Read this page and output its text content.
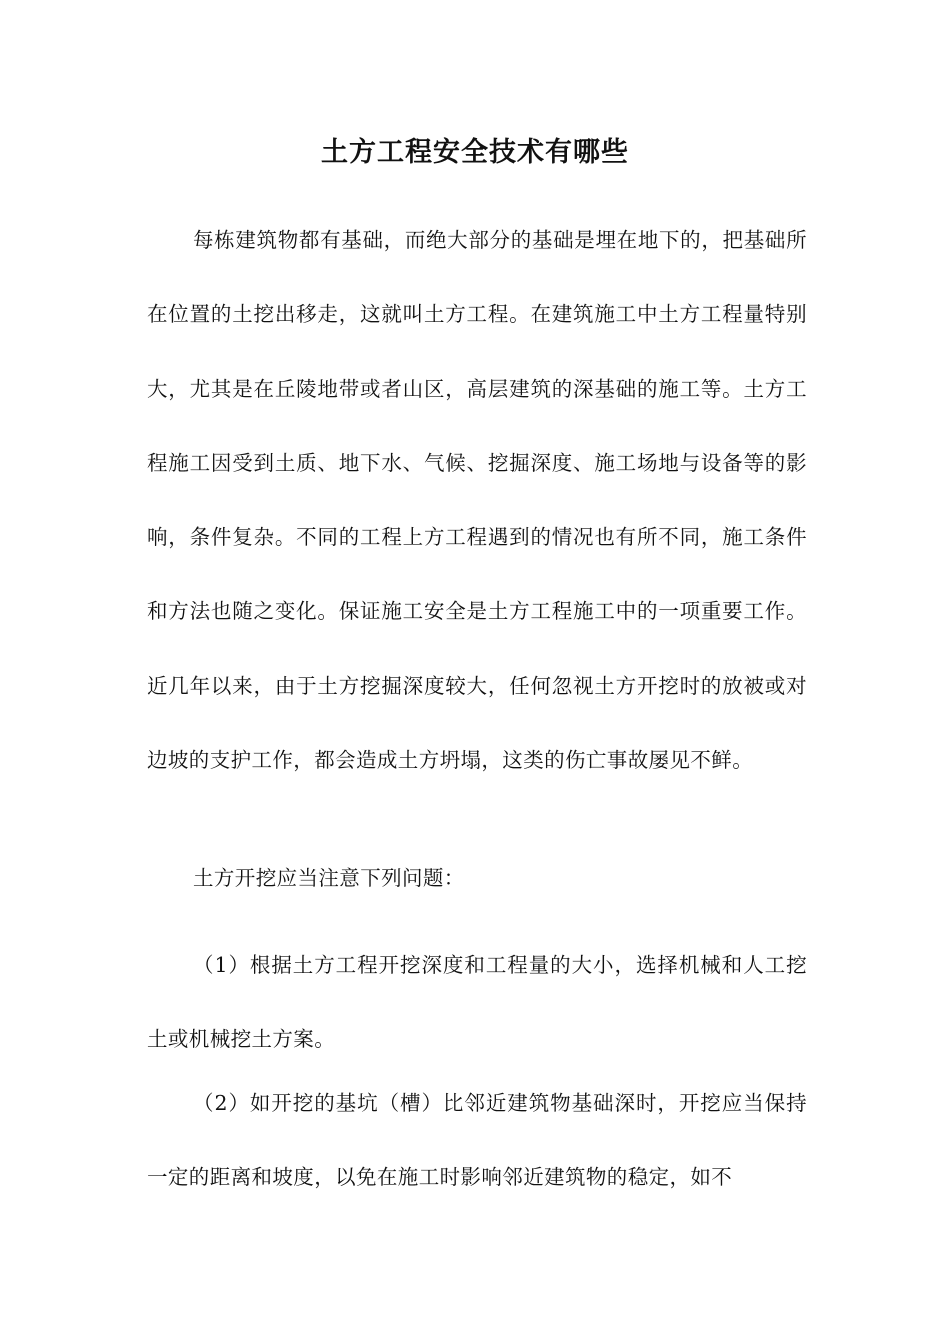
土方工程安全技术有哪些

每栋建筑物都有基础，而绝大部分的基础是埋在地下的，把基础所在位置的土挖出移走，这就叫土方工程。在建筑施工中土方工程量特别大，尤其是在丘陵地带或者山区，高层建筑的深基础的施工等。土方工程施工因受到土质、地下水、气候、挖掘深度、施工场地与设备等的影响，条件复杂。不同的工程上方工程遇到的情况也有所不同，施工条件和方法也随之变化。保证施工安全是土方工程施工中的一项重要工作。近几年以来，由于土方挖掘深度较大，任何忽视土方开挖时的放被或对边坡的支护工作，都会造成土方坍塌，这类的伤亡事故屡见不鲜。

土方开挖应当注意下列问题：

（1）根据土方工程开挖深度和工程量的大小，选择机械和人工挖土或机械挖土方案。

（2）如开挖的基坑（槽）比邻近建筑物基础深时，开挖应当保持一定的距离和坡度，以免在施工时影响邻近建筑物的稳定，如不
